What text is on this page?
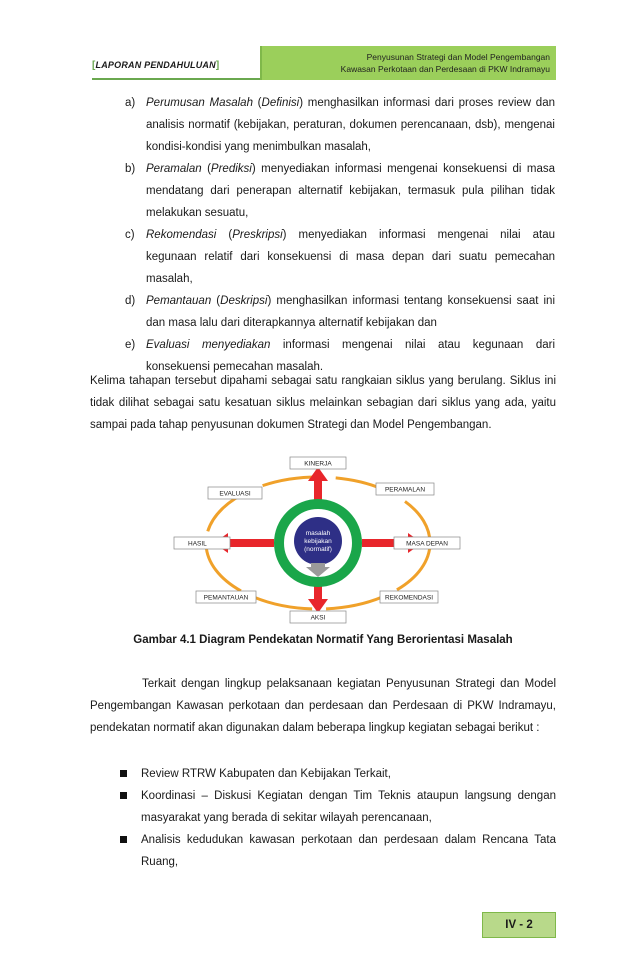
[LAPORAN PENDAHULUAN]
Penyusunan Strategi dan Model Pengembangan
Kawasan Perkotaan dan Perdesaan di PKW Indramayu
a) Perumusan Masalah (Definisi) menghasilkan informasi dari proses review dan analisis normatif (kebijakan, peraturan, dokumen perencanaan, dsb), mengenai kondisi-kondisi yang menimbulkan masalah,
b) Peramalan (Prediksi) menyediakan informasi mengenai konsekuensi di masa mendatang dari penerapan alternatif kebijakan, termasuk pula pilihan tidak melakukan sesuatu,
c) Rekomendasi (Preskripsi) menyediakan informasi mengenai nilai atau kegunaan relatif dari konsekuensi di masa depan dari suatu pemecahan masalah,
d) Pemantauan (Deskripsi) menghasilkan informasi tentang konsekuensi saat ini dan masa lalu dari diterapkannya alternatif kebijakan dan
e) Evaluasi menyediakan informasi mengenai nilai atau kegunaan dari konsekuensi pemecahan masalah.
Kelima tahapan tersebut dipahami sebagai satu rangkaian siklus yang berulang. Siklus ini tidak dilihat sebagai satu kesatuan siklus melainkan sebagian dari siklus yang ada, yaitu sampai pada tahap penyusunan dokumen Strategi dan Model Pengembangan.
masalah
kebijakan
(normatif)
KINERJA
PERAMALAN
MASA DEPAN
REKOMENDASI
AKSI
PEMANTAUAN
HASIL
EVALUASI
Gambar 4.1 Diagram Pendekatan Normatif Yang Berorientasi Masalah
Terkait dengan lingkup pelaksanaan kegiatan Penyusunan Strategi dan Model Pengembangan Kawasan perkotaan dan perdesaan dan Perdesaan di PKW Indramayu, pendekatan normatif akan digunakan dalam beberapa lingkup kegiatan sebagai berikut :
Review RTRW Kabupaten dan Kebijakan Terkait,
Koordinasi – Diskusi Kegiatan dengan Tim Teknis ataupun langsung dengan masyarakat yang berada di sekitar wilayah perencanaan,
Analisis kedudukan kawasan perkotaan dan perdesaan dalam Rencana Tata Ruang,
IV - 2
